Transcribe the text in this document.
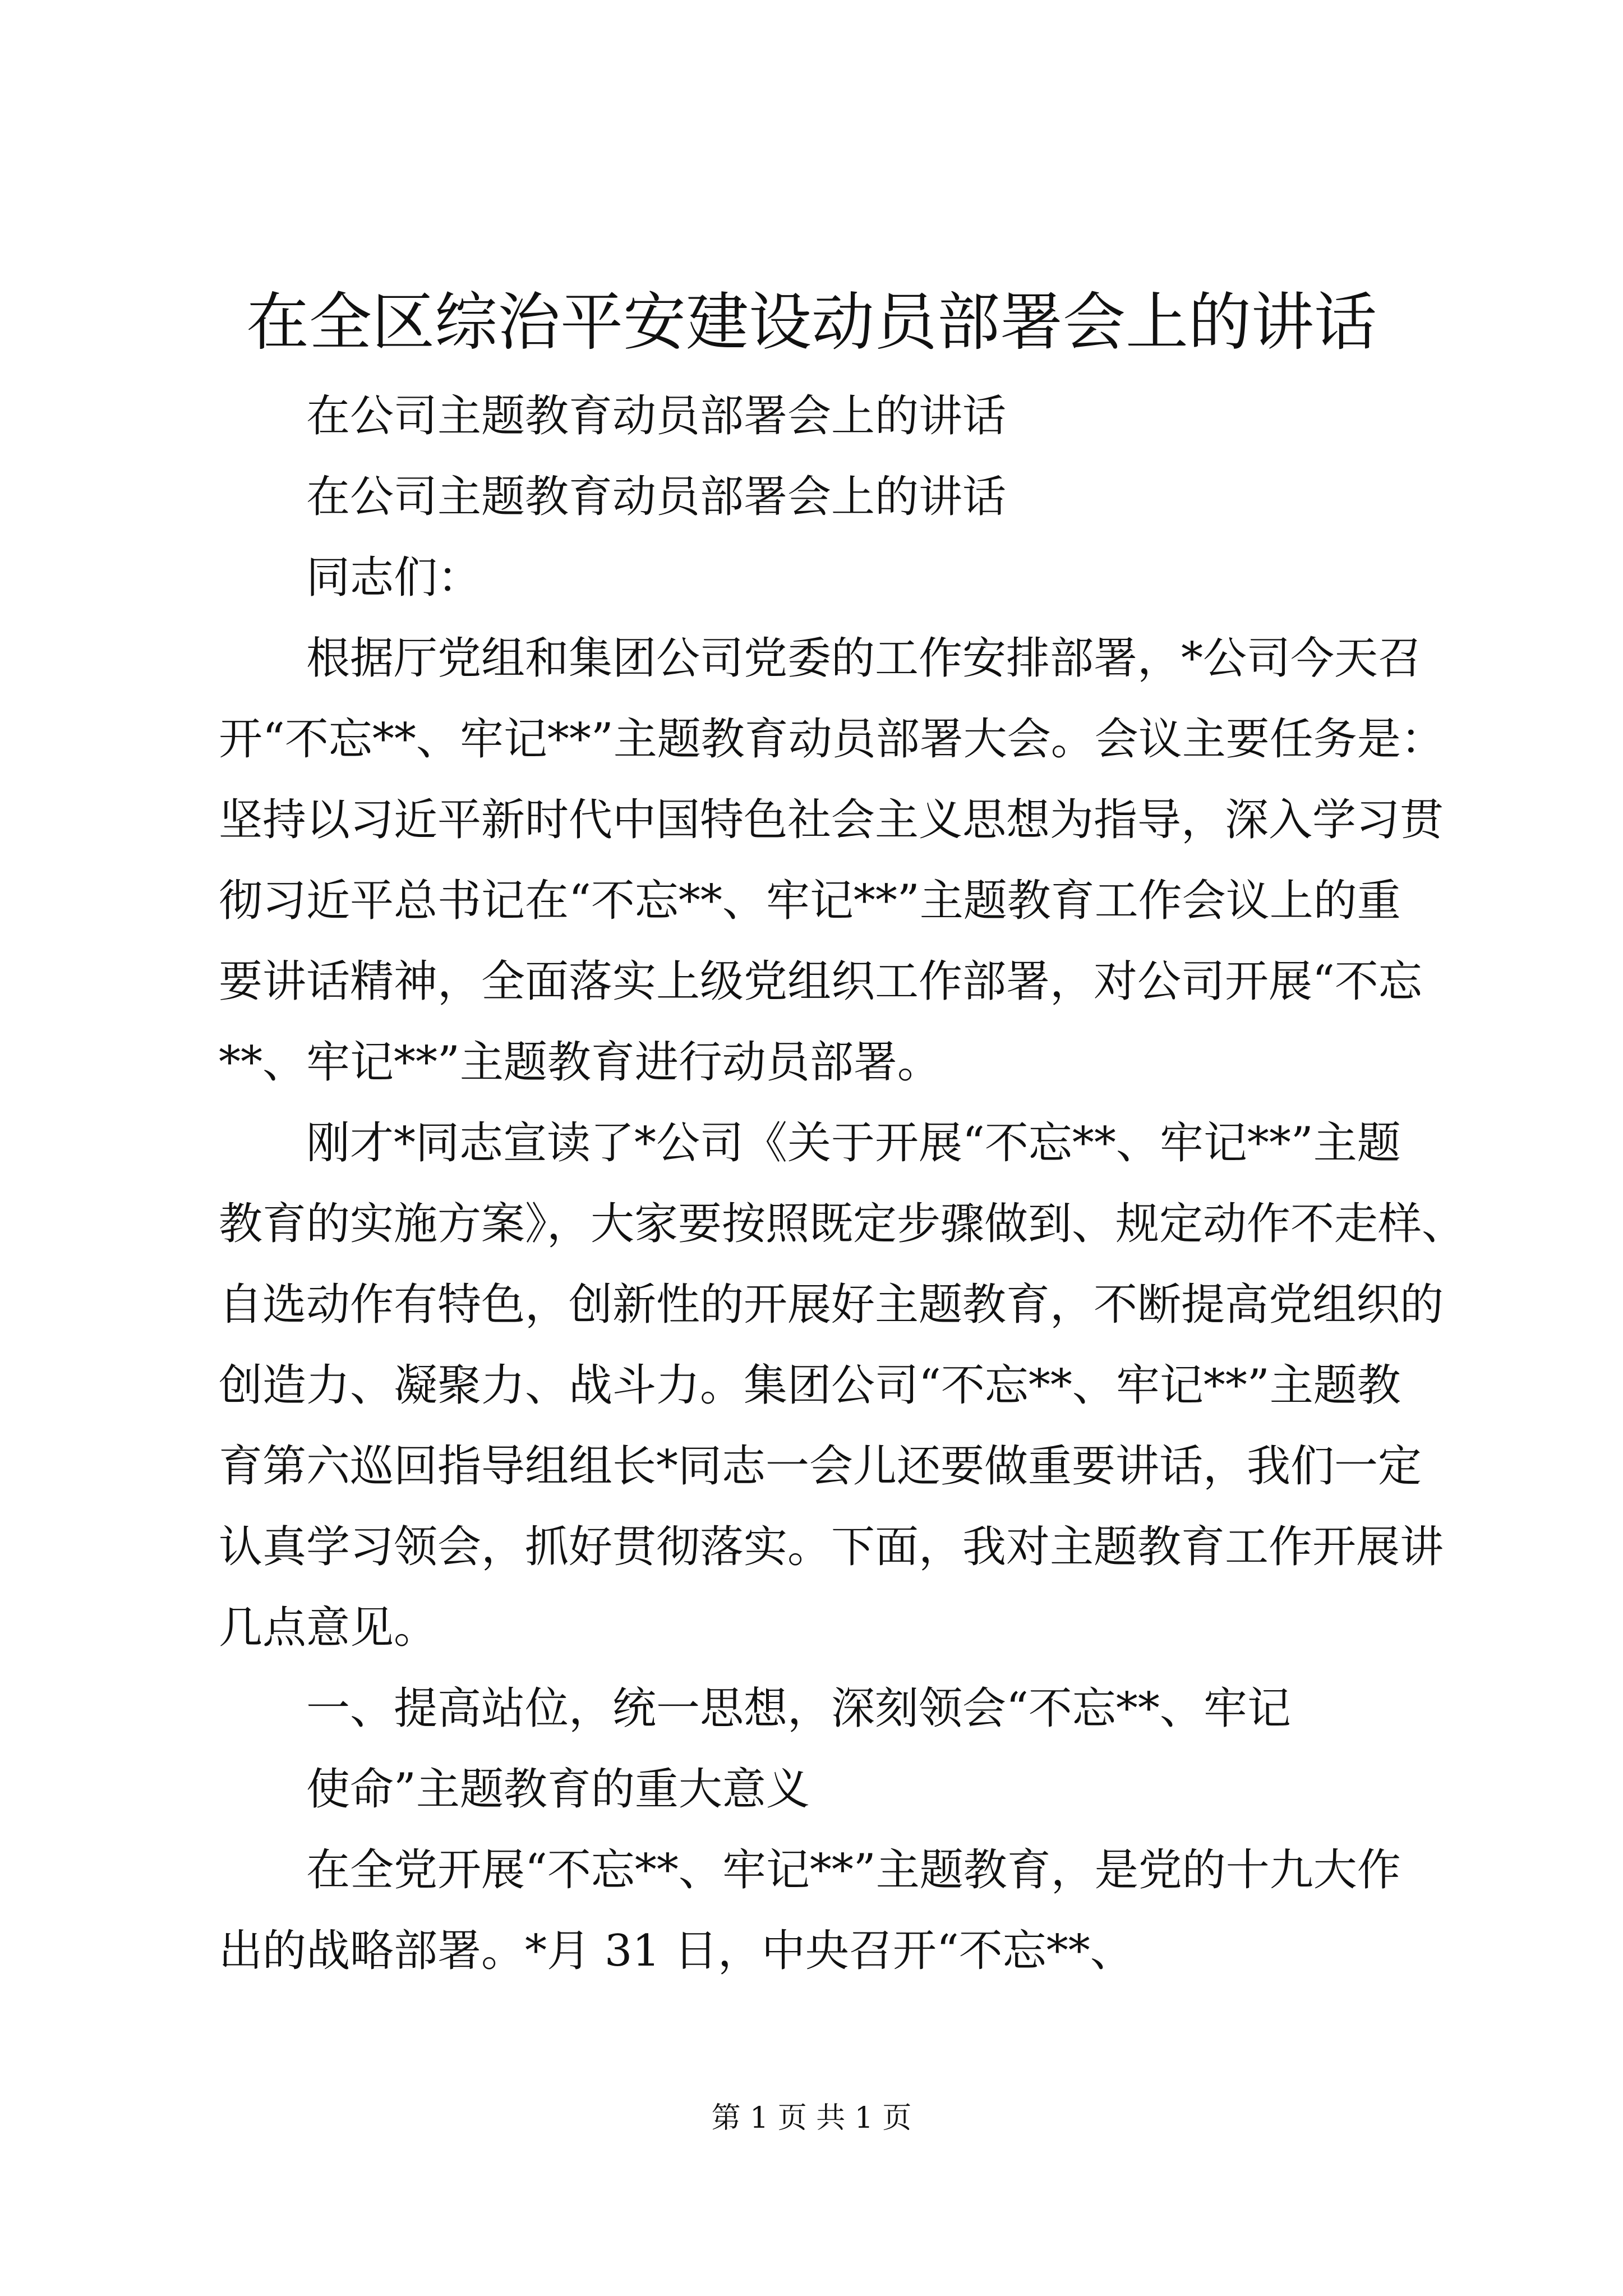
在全区综治平安建设动员部署会上的讲话
在公司主题教育动员部署会上的讲话
在公司主题教育动员部署会上的讲话
同志们：
根据厅党组和集团公司党委的工作安排部署，*公司今天召
开“不忘**、牢记**”主题教育动员部署大会。会议主要任务是：
坚持以习近平新时代中国特色社会主义思想为指导，深入学习贯
彻习近平总书记在“不忘**、牢记**”主题教育工作会议上的重
要讲话精神，全面落实上级党组织工作部署，对公司开展“不忘
**、牢记**”主题教育进行动员部署。
刚才*同志宣读了*公司《关于开展“不忘**、牢记**”主题
教育的实施方案》，大家要按照既定步骤做到、规定动作不走样、
自选动作有特色，创新性的开展好主题教育，不断提高党组织的
创造力、凝聚力、战斗力。集团公司“不忘**、牢记**”主题教
育第六巡回指导组组长*同志一会儿还要做重要讲话，我们一定
认真学习领会，抓好贯彻落实。下面，我对主题教育工作开展讲
几点意见。
一、提高站位，统一思想，深刻领会“不忘**、牢记
使命”主题教育的重大意义
在全党开展“不忘**、牢记**”主题教育，是党的十九大作
出的战略部署。*月 31 日，中央召开“不忘**、
第 1 页 共 1 页
